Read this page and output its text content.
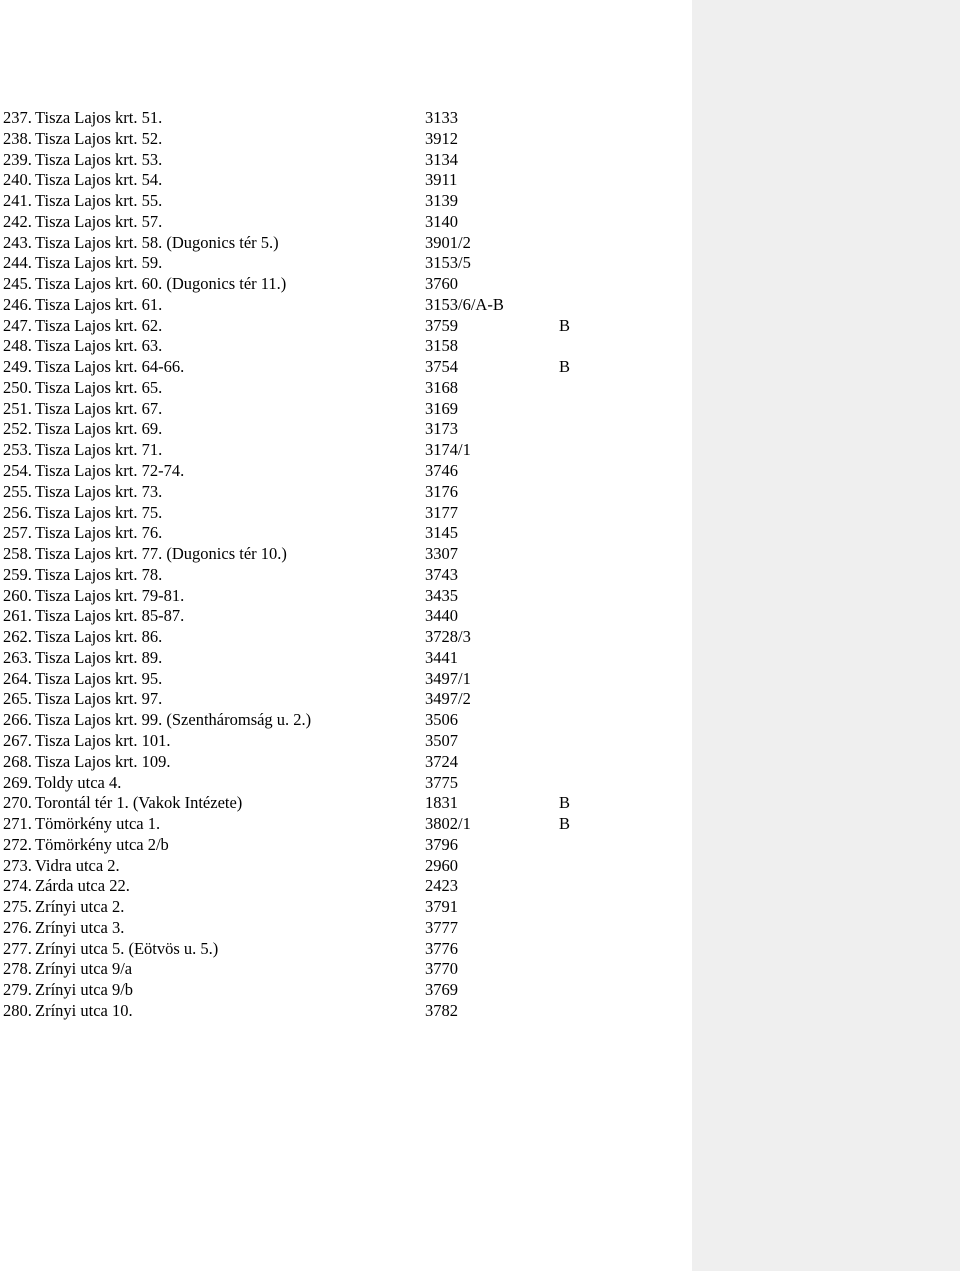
237. Tisza Lajos krt. 51.	3133
238. Tisza Lajos krt. 52.	3912
239. Tisza Lajos krt. 53.	3134
240. Tisza Lajos krt. 54.	3911
241. Tisza Lajos krt. 55.	3139
242. Tisza Lajos krt. 57.	3140
243. Tisza Lajos krt. 58. (Dugonics tér 5.)	3901/2
244. Tisza Lajos krt. 59.	3153/5
245. Tisza Lajos krt. 60. (Dugonics tér 11.)	3760
246. Tisza Lajos krt. 61.	3153/6/A-B
247. Tisza Lajos krt. 62.	3759	B
248. Tisza Lajos krt. 63.	3158
249. Tisza Lajos krt. 64-66.	3754	B
250. Tisza Lajos krt. 65.	3168
251. Tisza Lajos krt. 67.	3169
252. Tisza Lajos krt. 69.	3173
253. Tisza Lajos krt. 71.	3174/1
254. Tisza Lajos krt. 72-74.	3746
255. Tisza Lajos krt. 73.	3176
256. Tisza Lajos krt. 75.	3177
257. Tisza Lajos krt. 76.	3145
258. Tisza Lajos krt. 77. (Dugonics tér 10.)	3307
259. Tisza Lajos krt. 78.	3743
260. Tisza Lajos krt. 79-81.	3435
261. Tisza Lajos krt. 85-87.	3440
262. Tisza Lajos krt. 86.	3728/3
263. Tisza Lajos krt. 89.	3441
264. Tisza Lajos krt. 95.	3497/1
265. Tisza Lajos krt. 97.	3497/2
266. Tisza Lajos krt. 99. (Szentháromság u. 2.)	3506
267. Tisza Lajos krt. 101.	3507
268. Tisza Lajos krt. 109.	3724
269. Toldy utca 4.	3775
270. Torontál tér 1. (Vakok Intézete)	1831	B
271. Tömörkény utca 1.	3802/1	B
272. Tömörkény utca 2/b	3796
273. Vidra utca 2.	2960
274. Zárda utca 22.	2423
275. Zrínyi utca 2.	3791
276. Zrínyi utca 3.	3777
277. Zrínyi utca 5. (Eötvös u. 5.)	3776
278. Zrínyi utca 9/a	3770
279. Zrínyi utca 9/b	3769
280. Zrínyi utca 10.	3782
